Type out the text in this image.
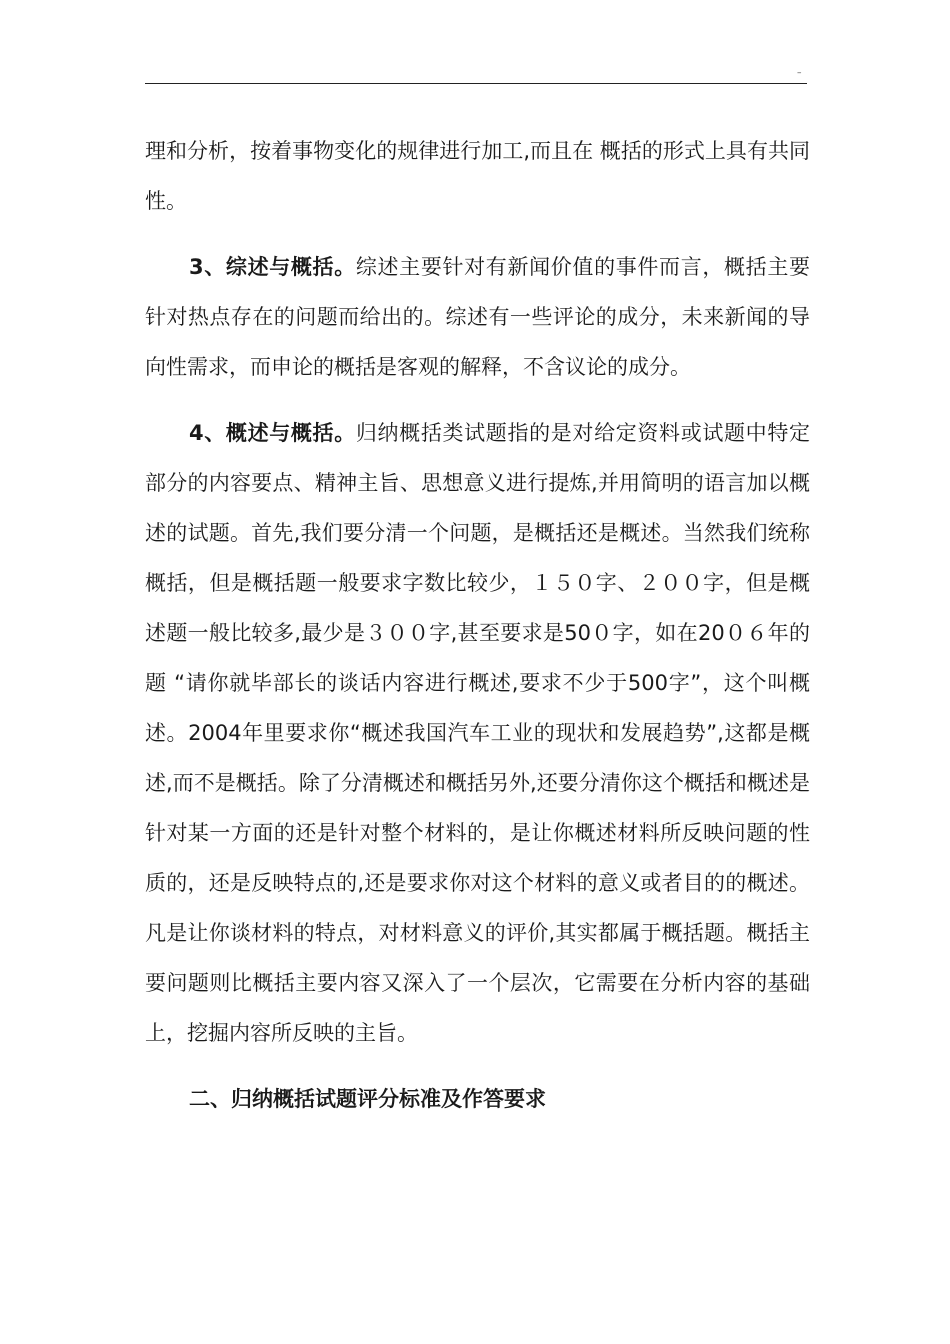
–

理和分析，按着事物变化的规律进行加工,而且在 概括的形式上具有共同性。

3、综述与概括。综述主要针对有新闻价值的事件而言，概括主要针对热点存在的问题而给出的。综述有一些评论的成分，未来新闻的导向性需求，而申论的概括是客观的解释，不含议论的成分。

4、概述与概括。归纳概括类试题指的是对给定资料或试题中特定部分的内容要点、精神主旨、思想意义进行提炼,并用简明的语言加以概述的试题。首先,我们要分清一个问题，是概括还是概述。当然我们统称概括，但是概括题一般要求字数比较少，１５０字、２００字，但是概述题一般比较多,最少是３００字,甚至要求是50０字，如在20０６年的题 “请你就毕部长的谈话内容进行概述,要求不少于500字”，这个叫概述。2004年里要求你“概述我国汽车工业的现状和发展趋势”,这都是概述,而不是概括。除了分清概述和概括另外,还要分清你这个概括和概述是针对某一方面的还是针对整个材料的，是让你概述材料所反映问题的性质的，还是反映特点的,还是要求你对这个材料的意义或者目的的概述。凡是让你谈材料的特点，对材料意义的评价,其实都属于概括题。概括主要问题则比概括主要内容又深入了一个层次，它需要在分析内容的基础上，挖掘内容所反映的主旨。

二、归纳概括试题评分标准及作答要求
